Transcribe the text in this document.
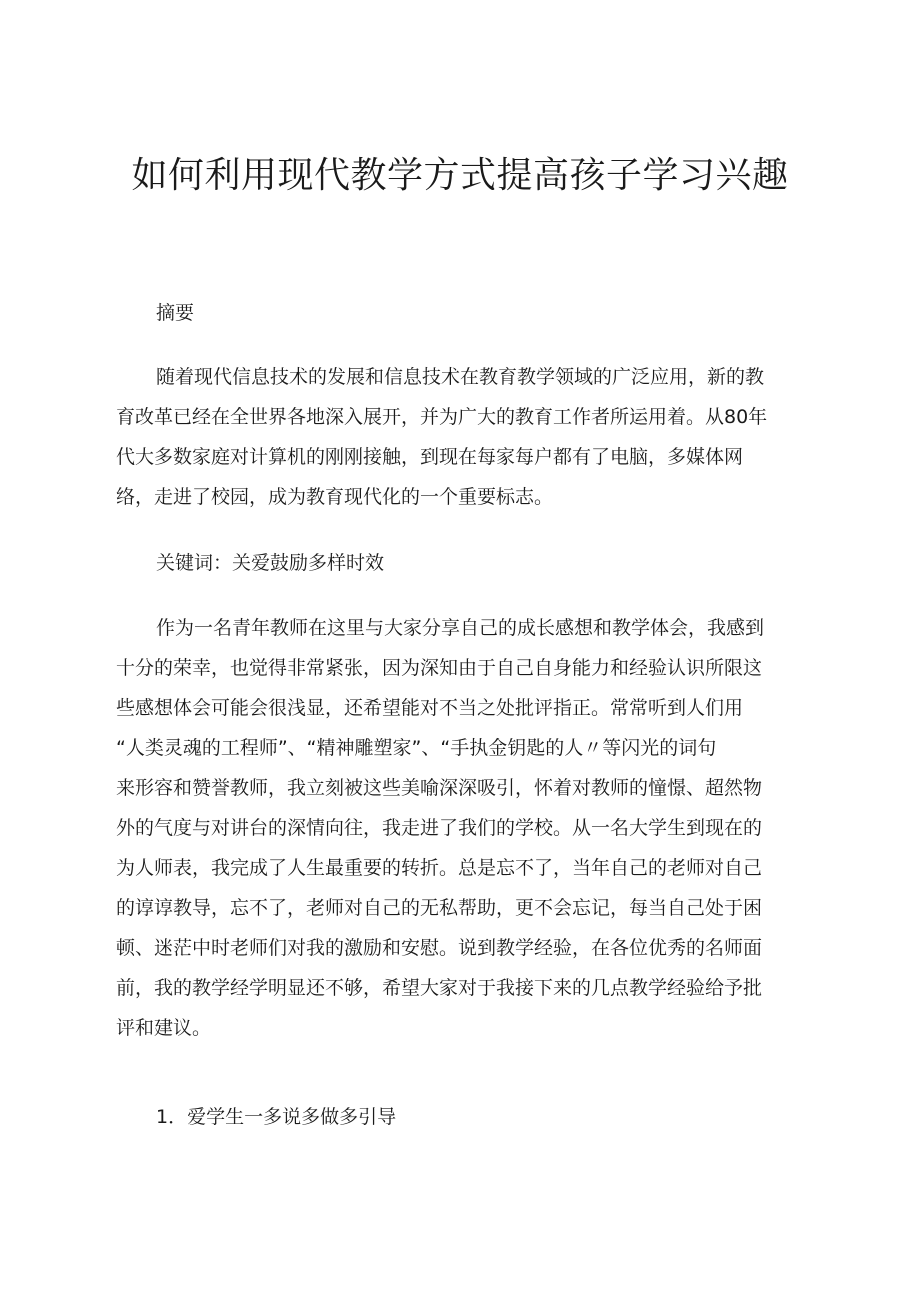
如何利用现代教学方式提高孩子学习兴趣
摘要
随着现代信息技术的发展和信息技术在教育教学领域的广泛应用，新的教
育改革已经在全世界各地深入展开，并为广大的教育工作者所运用着。从80年
代大多数家庭对计算机的刚刚接触，到现在每家每户都有了电脑，多媒体网
络，走进了校园，成为教育现代化的一个重要标志。
关键词：关爱鼓励多样时效
作为一名青年教师在这里与大家分享自己的成长感想和教学体会，我感到
十分的荣幸，也觉得非常紧张，因为深知由于自己自身能力和经验认识所限这
些感想体会可能会很浅显，还希望能对不当之处批评指正。常常听到人们用
“人类灵魂的工程师”、“精神雕塑家”、“手执金钥匙的人〃等闪光的词句
来形容和赞誉教师，我立刻被这些美喻深深吸引，怀着对教师的憧憬、超然物
外的气度与对讲台的深情向往，我走进了我们的学校。从一名大学生到现在的
为人师表，我完成了人生最重要的转折。总是忘不了，当年自己的老师对自己
的谆谆教导，忘不了，老师对自己的无私帮助，更不会忘记，每当自己处于困
顿、迷茫中时老师们对我的激励和安慰。说到教学经验，在各位优秀的名师面
前，我的教学经学明显还不够，希望大家对于我接下来的几点教学经验给予批
评和建议。
1．爱学生一多说多做多引导
